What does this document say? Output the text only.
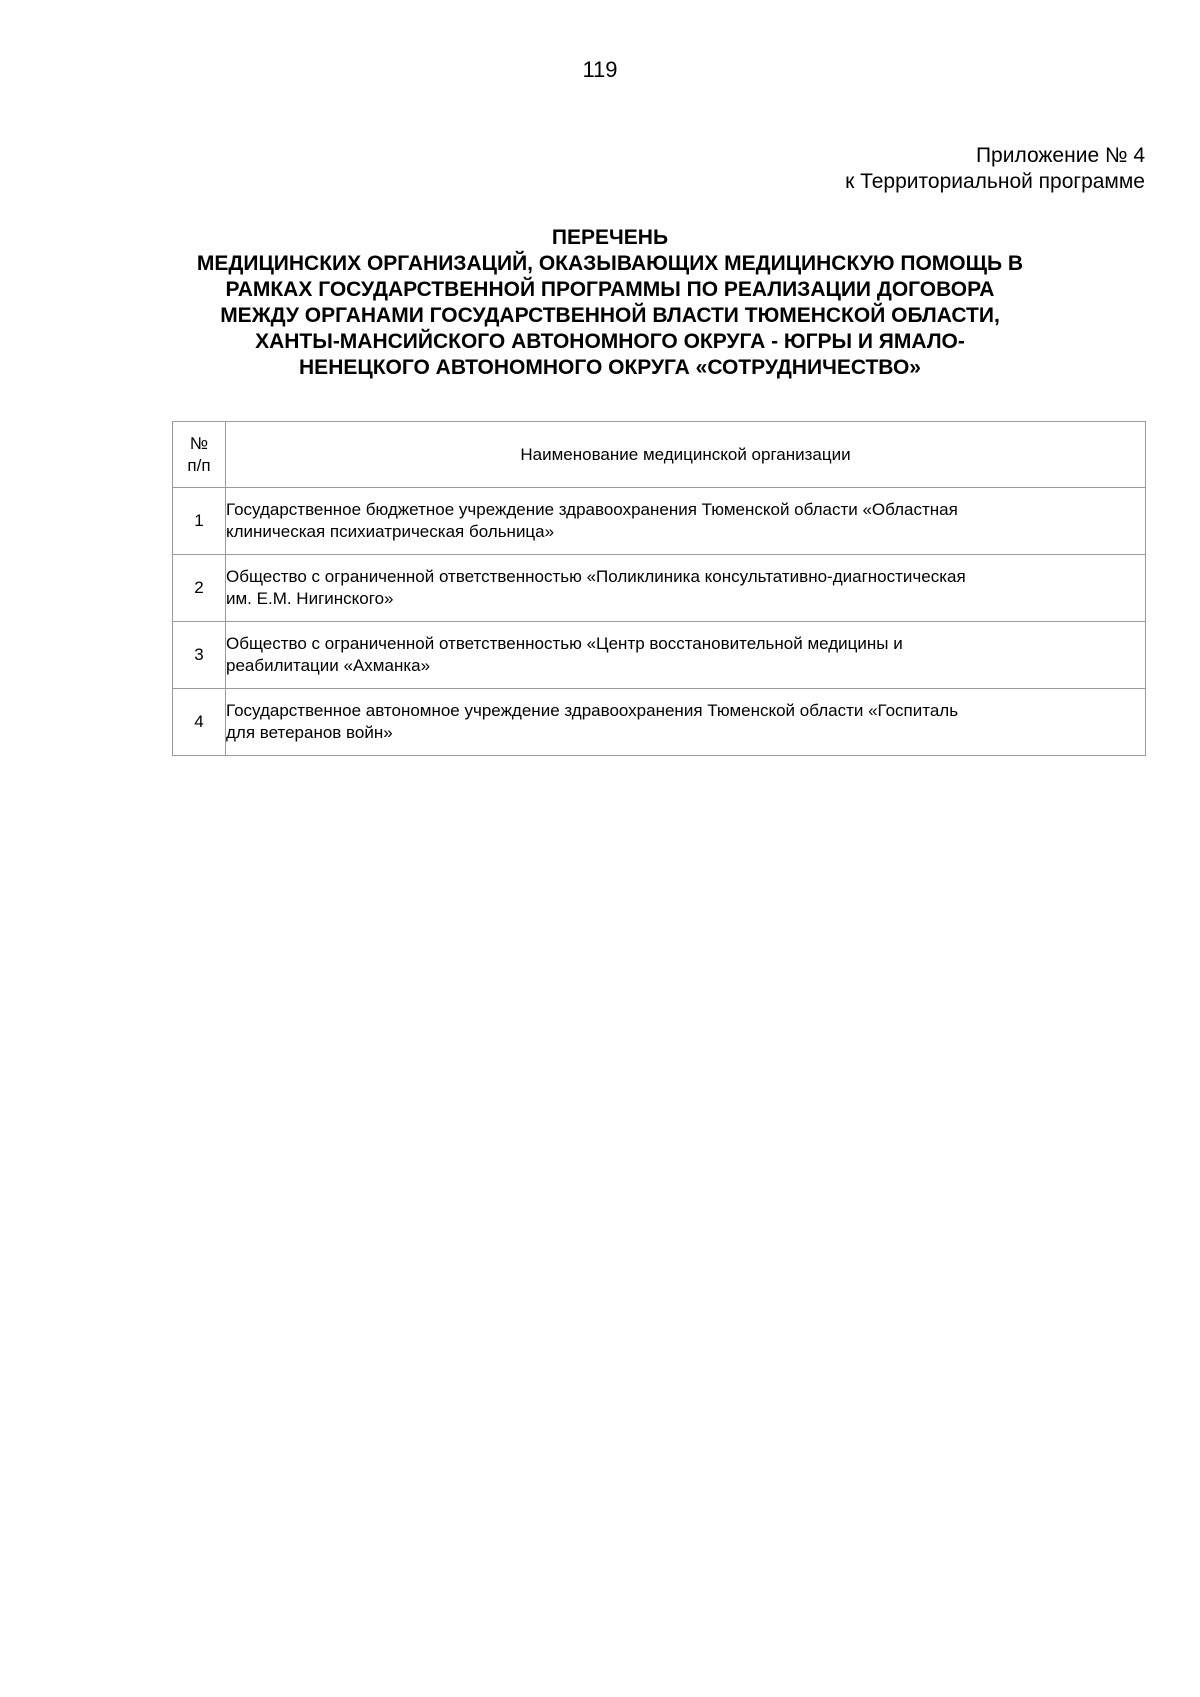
119
Приложение № 4
к Территориальной программе
ПЕРЕЧЕНЬ
МЕДИЦИНСКИХ ОРГАНИЗАЦИЙ, ОКАЗЫВАЮЩИХ МЕДИЦИНСКУЮ ПОМОЩЬ В
РАМКАХ ГОСУДАРСТВЕННОЙ ПРОГРАММЫ ПО РЕАЛИЗАЦИИ ДОГОВОРА
МЕЖДУ ОРГАНАМИ ГОСУДАРСТВЕННОЙ ВЛАСТИ ТЮМЕНСКОЙ ОБЛАСТИ,
ХАНТЫ-МАНСИЙСКОГО АВТОНОМНОГО ОКРУГА - ЮГРЫ И ЯМАЛО-
НЕНЕЦКОГО АВТОНОМНОГО ОКРУГА «СОТРУДНИЧЕСТВО»
№
п/п	Наименование медицинской организации
1	Государственное бюджетное учреждение здравоохранения Тюменской области «Областная
клиническая психиатрическая больница»

2	Общество с ограниченной ответственностью «Поликлиника консультативно-диагностическая
им. Е.М. Нигинского»

3	Общество с ограниченной ответственностью «Центр восстановительной медицины и
реабилитации «Ахманка»

4	Государственное автономное учреждение здравоохранения Тюменской области «Госпиталь
для ветеранов войн»
